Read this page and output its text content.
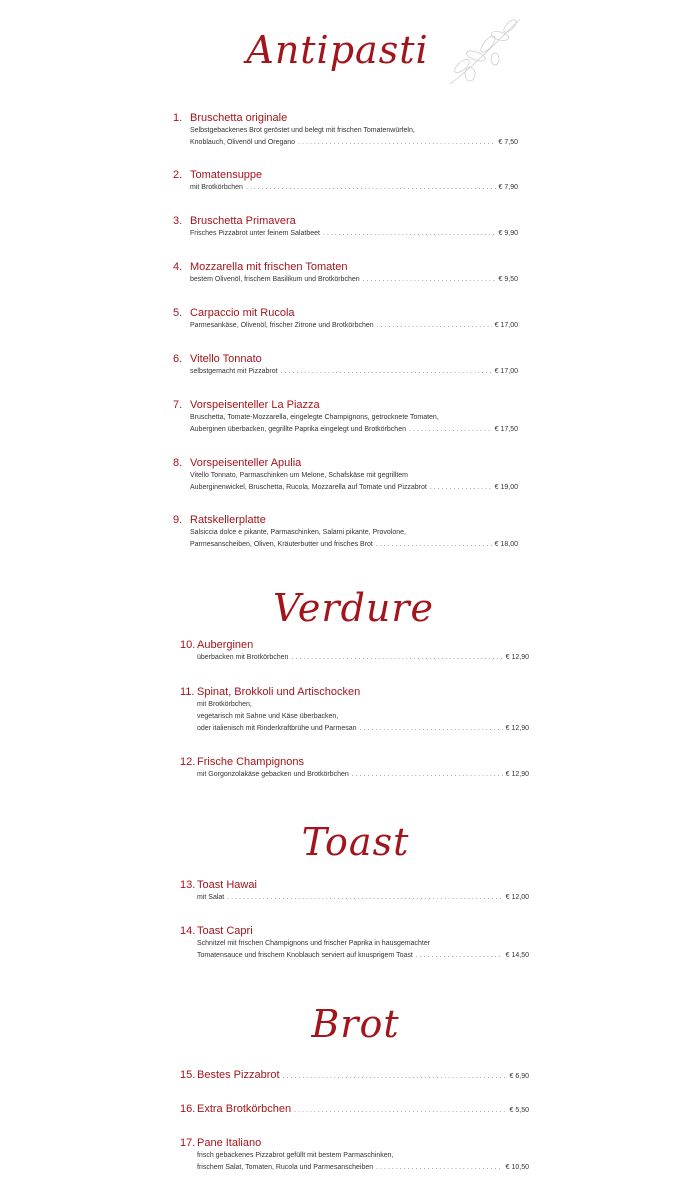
Antipasti
1. Bruschetta originale
Selbstgebackenes Brot geröstet und belegt mit frischen Tomatenwürfeln,
Knoblauch, Olivenöl und Oregano .....	€ 7,50
2. Tomatensuppe
mit Brotkörbchen .....	€ 7,90
3. Bruschetta Primavera
Frisches Pizzabrot unter feinem Salatbeet .....	€ 9,90
4. Mozzarella mit frischen Tomaten
bestem Olivenöl, frischem Basilikum und Brotkörbchen .....	€ 9,50
5. Carpaccio mit Rucola
Parmesankäse, Olivenöl, frischer Zitrone und Brotkörbchen .....	€ 17,00
6. Vitello Tonnato
selbstgemacht mit Pizzabrot .....	€ 17,00
7. Vorspeisenteller La Piazza
Bruschetta, Tomate-Mozzarella, eingelegte Champignons, getrocknete Tomaten,
Auberginen überbacken, gegrillte Paprika eingelegt und Brotkörbchen .....	€ 17,50
8. Vorspeisenteller Apulia
Vitello Tonnato, Parmaschinken um Melone, Schafskäse mit gegrilltem
Auberginenwickel, Bruschetta, Rucola, Mozzarella auf Tomate und Pizzabrot .....	€ 19,00
9. Ratskellerplatte
Salsiccia dolce e pikante, Parmaschinken, Salami pikante, Provolone,
Parmesanscheiben, Oliven, Kräuterbutter und frisches Brot .....	€ 18,00
Verdure
10. Auberginen
überbacken mit Brotkörbchen .....	€ 12,90
11. Spinat, Brokkoli und Artischocken
mit Brotkörbchen,
vegetarisch mit Sahne und Käse überbacken,
oder italienisch mit Rinderkraftbrühe und Parmesan .....	€ 12,90
12. Frische Champignons
mit Gorgonzolakäse gebacken und Brotkörbchen .....	€ 12,90
Toast
13. Toast Hawai
mit Salat .....	€ 12,00
14. Toast Capri
Schnitzel mit frischen Champignons und frischer Paprika in hausgemachter
Tomatensauce und frischem Knoblauch serviert auf knusprigem Toast .....	€ 14,50
Brot
15. Bestes Pizzabrot .....	€ 6,90
16. Extra Brotkörbchen .....	€ 5,50
17. Pane Italiano
frisch gebackenes Pizzabrot gefüllt mit bestem Parmaschinken,
frischem Salat, Tomaten, Rucola und Parmesanscheiben .....	€ 10,50
